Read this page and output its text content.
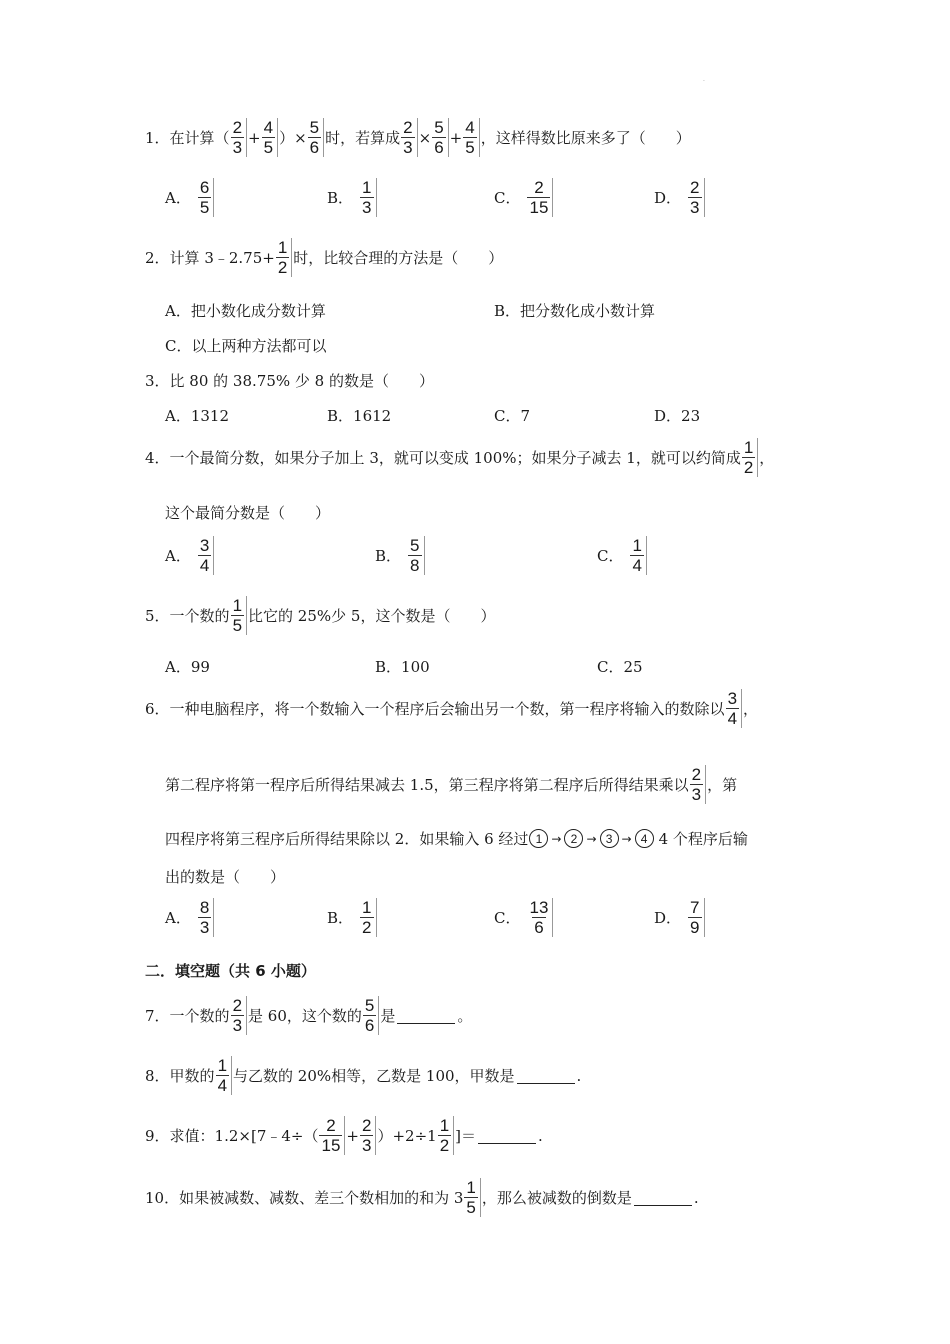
·
1． 在计算（ $\frac{2}{3} + \frac{4}{5}$ ）× $\frac{5}{6}$ 时，若算成 $\frac{2}{3} \times \frac{5}{6} + \frac{4}{5}$ ，这样得数比原来多了（　　）
A． $\frac{6}{5}$	B． $\frac{1}{3}$	C． $\frac{2}{15}$	D． $\frac{2}{3}$
2． 计算 3﹣2.75+ $\frac{1}{2}$ 时，比较合理的方法是（　　）
A．把小数化成分数计算	B．把分数化成小数计算
C．以上两种方法都可以
3．比 80 的 38.75% 少 8 的数是（　　）
A．1312	B．1612	C．7	D．23
4． 一个最简分数，如果分子加上 3，就可以变成 100%；如果分子减去 1，就可以约简成 $\frac{1}{2}$ ，
这个最简分数是（　　）
A． $\frac{3}{4}$	B． $\frac{5}{8}$	C． $\frac{1}{4}$
5． 一个数的 $\frac{1}{5}$ 比它的 25%少 5，这个数是（　　）
A．99	B．100	C．25
6． 一种电脑程序，将一个数输入一个程序后会输出另一个数，第一程序将输入的数除以 $\frac{3}{4}$ ，
第二程序将第一程序后所得结果减去 1.5，第三程序将第二程序后所得结果乘以 $\frac{2}{3}$ ，第
四程序将第三程序后所得结果除以 2．如果输入 6 经过 1 → 2 → 3 → 4 4 个程序后输
出的数是（　　）
A． $\frac{8}{3}$	B． $\frac{1}{2}$	C． $\frac{13}{6}$	D． $\frac{7}{9}$
二．填空题（共 6 小题）
7． 一个数的 $\frac{2}{3}$ 是 60，这个数的 $\frac{5}{6}$ 是	。
8． 甲数的 $\frac{1}{4}$ 与乙数的 20%相等，乙数是 100，甲数是	.
9． 求值：1.2×[7﹣4÷（ $\frac{2}{15} + \frac{2}{3} )+2\div 1 \frac{1}{2}$ ]＝	.
10． 如果被减数、减数、差三个数相加的和为 $3 \frac{1}{5}$ ，那么被减数的倒数是	.
